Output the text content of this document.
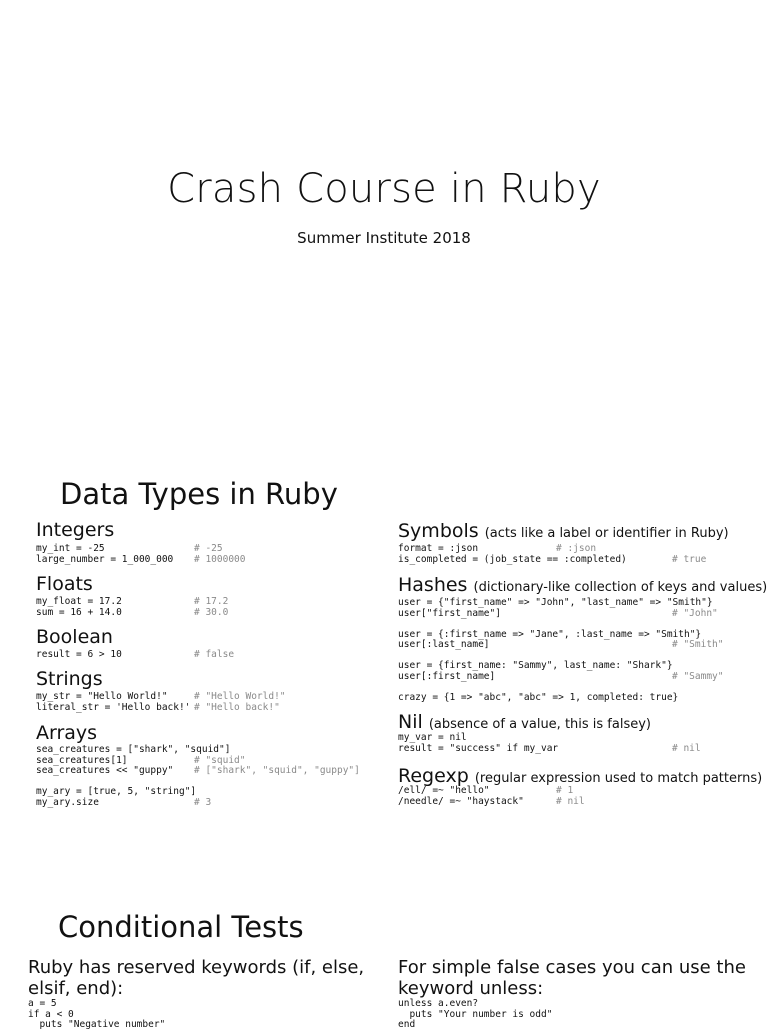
Crash Course in Ruby
Summer Institute 2018
Data Types in Ruby
Integers
my_int = -25	# -25
large_number = 1_000_000 # 1000000
Floats
my_float = 17.2	# 17.2
sum = 16 + 14.0	# 30.0
Boolean
result = 6 > 10	# false
Strings
my_str = "Hello World!"	# "Hello World!"
literal_str = 'Hello back!' # "Hello back!"
Arrays
sea_creatures = ["shark", "squid"]
sea_creatures[1]	# "squid"
sea_creatures << "guppy" # ["shark", "squid", "guppy"]
my_ary = [true, 5, "string"]
my_ary.size	# 3
Symbols (acts like a label or identifier in Ruby)
format = :json	# :json
is_completed = (job_state == :completed)	# true
Hashes (dictionary-like collection of keys and values)
user = {"first_name" => "John", "last_name" => "Smith"}
user["first_name"]	# "John"
user = {:first_name => "Jane", :last_name => "Smith"}
user[:last_name]	# "Smith"
user = {first_name: "Sammy", last_name: "Shark"}
user[:first_name]	# "Sammy"
crazy = {1 => "abc", "abc" => 1, completed: true}
Nil (absence of a value, this is falsey)
my_var = nil
result = "success" if my_var	# nil
Regexp (regular expression used to match patterns)
/ell/ =~ "hello"	# 1
/needle/ =~ "haystack"	# nil
Conditional Tests
Ruby has reserved keywords (if, else, elsif, end):
a = 5
if a < 0
puts "Negative number"
For simple false cases you can use the keyword unless:
unless a.even?
puts "Your number is odd"
end
